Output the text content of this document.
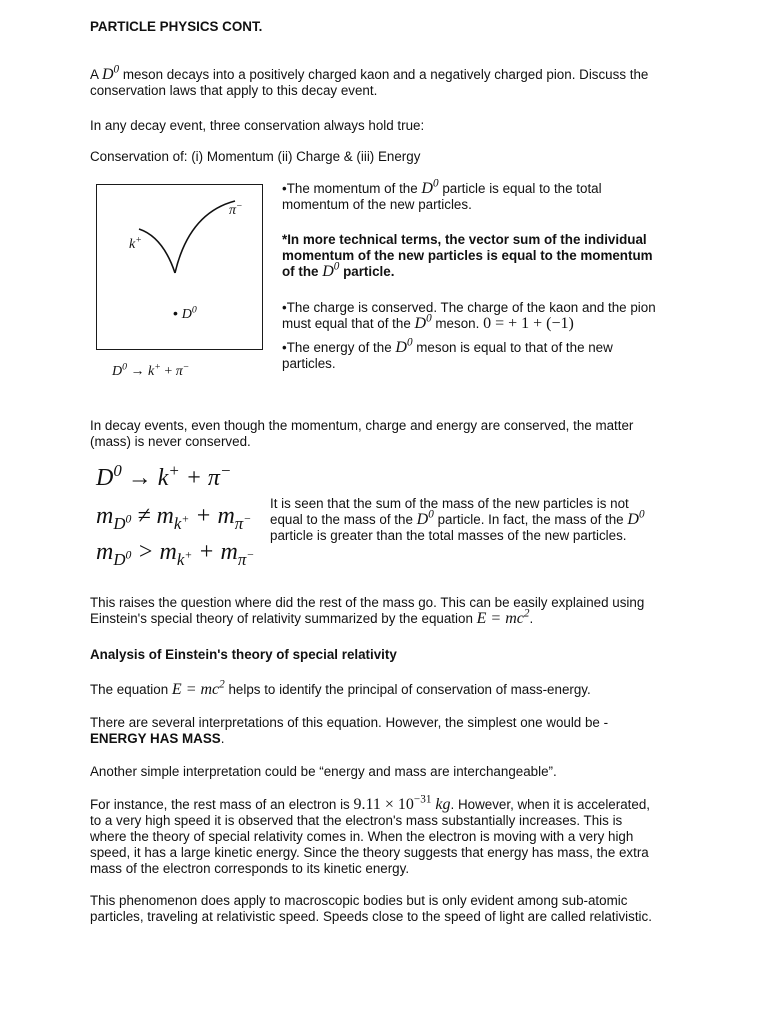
PARTICLE PHYSICS CONT.

A $D^0$ meson decays into a positively charged kaon and a negatively charged pion. Discuss the
conservation laws that apply to this decay event.

In any decay event, three conservation always hold true:

Conservation of: (i) Momentum (ii) Charge & (iii) Energy

π−
k+
• $D^0$
$D^0 \to k^+ + \pi^-$

•The momentum of the $D^0$ particle is equal to the total
momentum of the new particles.

*In more technical terms, the vector sum of the individual
momentum of the new particles is equal to the momentum
of the $D^0$ particle.

•The charge is conserved. The charge of the kaon and the pion
must equal that of the $D^0$ meson. 0 = + 1 + (−1)

•The energy of the $D^0$ meson is equal to that of the new
particles.

In decay events, even though the momentum, charge and energy are conserved, the matter
(mass) is never conserved.

$D^0 \to k^+ + \pi^-$
$m_{D^0} \ne m_{k^+} + m_{\pi^-}$
$m_{D^0} > m_{k^+} + m_{\pi^-}$

It is seen that the sum of the mass of the new particles is not
equal to the mass of the $D^0$ particle. In fact, the mass of the $D^0$
particle is greater than the total masses of the new particles.

This raises the question where did the rest of the mass go. This can be easily explained using
Einstein's special theory of relativity summarized by the equation $E = mc^2$.

Analysis of Einstein's theory of special relativity

The equation $E = mc^2$ helps to identify the principal of conservation of mass-energy.

There are several interpretations of this equation. However, the simplest one would be -
ENERGY HAS MASS.

Another simple interpretation could be “energy and mass are interchangeable”.

For instance, the rest mass of an electron is $9.11 \times 10^{-31}$ kg. However, when it is accelerated,
to a very high speed it is observed that the electron's mass substantially increases. This is
where the theory of special relativity comes in. When the electron is moving with a very high
speed, it has a large kinetic energy. Since the theory suggests that energy has mass, the extra
mass of the electron corresponds to its kinetic energy.

This phenomenon does apply to macroscopic bodies but is only evident among sub-atomic
particles, traveling at relativistic speed. Speeds close to the speed of light are called relativistic.
